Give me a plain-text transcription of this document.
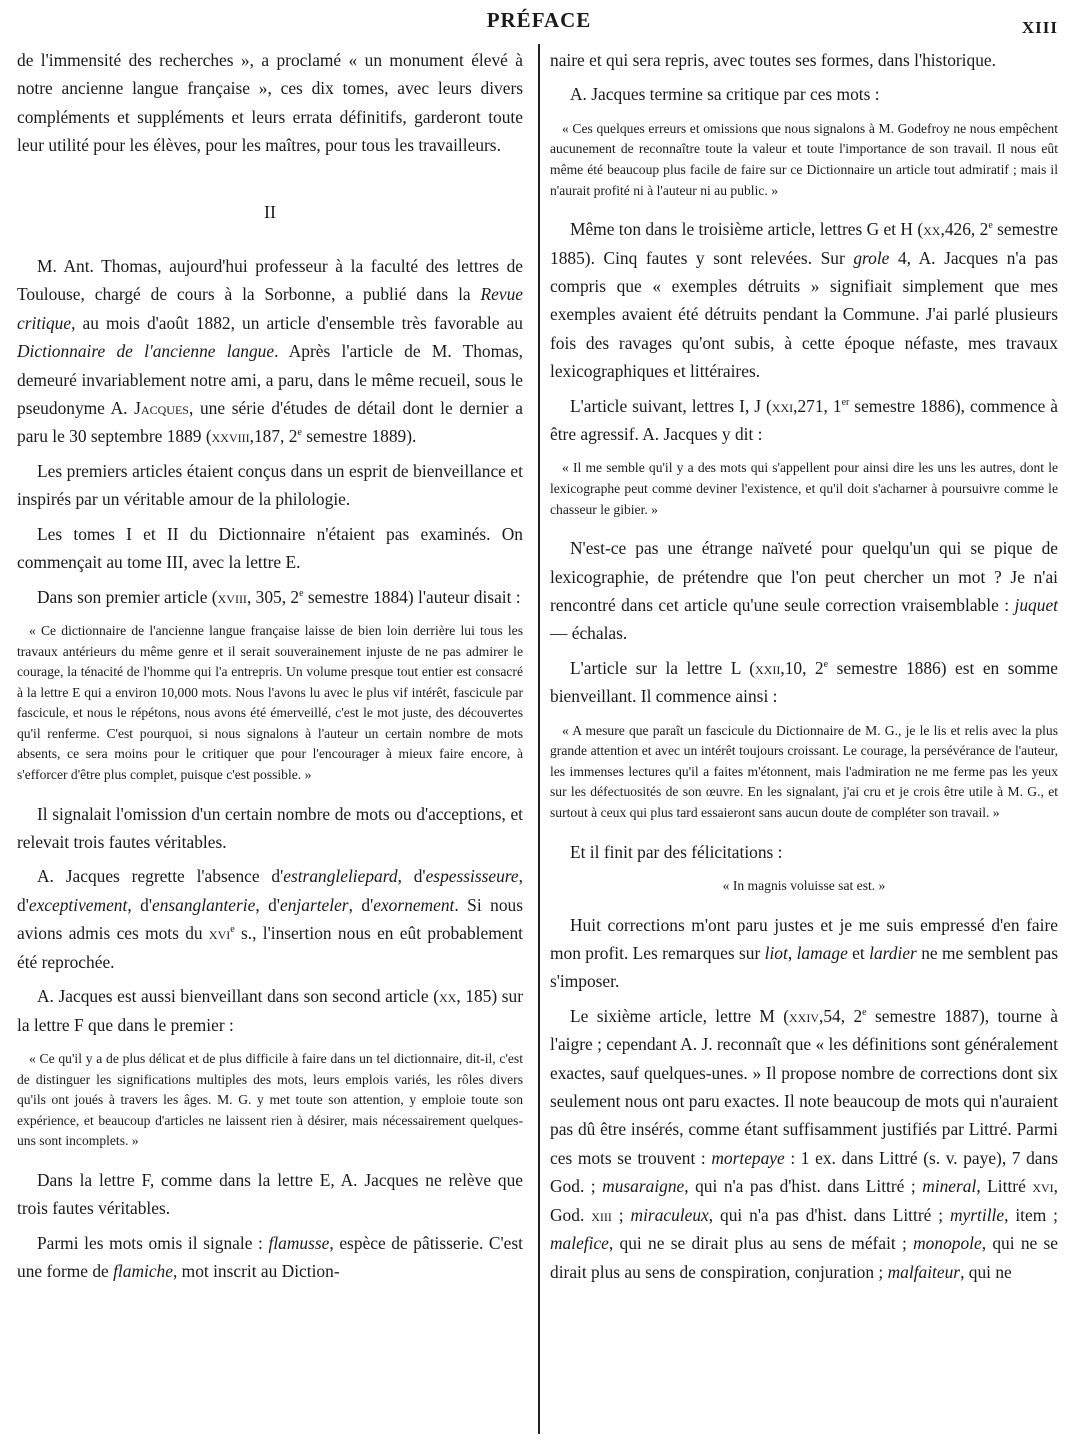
PRÉFACE	XIII

de l'immensité des recherches », a proclamé « un monument élevé à notre ancienne langue française », ces dix tomes, avec leurs divers compléments et suppléments et leurs errata définitifs, garderont toute leur utilité pour les élèves, pour les maîtres, pour tous les travailleurs.

II

M. Ant. Thomas, aujourd'hui professeur à la faculté des lettres de Toulouse, chargé de cours à la Sorbonne, a publié dans la Revue critique, au mois d'août 1882, un article d'ensemble très favorable au Dictionnaire de l'ancienne langue. Après l'article de M. Thomas, demeuré invariablement notre ami, a paru, dans le même recueil, sous le pseudonyme A. Jacques, une série d'études de détail dont le dernier a paru le 30 septembre 1889 (xxviii,187, 2e semestre 1889).

Les premiers articles étaient conçus dans un esprit de bienveillance et inspirés par un véritable amour de la philologie.

Les tomes I et II du Dictionnaire n'étaient pas examinés. On commençait au tome III, avec la lettre E.

Dans son premier article (xviii, 305, 2e semestre 1884) l'auteur disait :

« Ce dictionnaire de l'ancienne langue française laisse de bien loin derrière lui tous les travaux antérieurs du même genre et il serait souverainement injuste de ne pas admirer le courage, la ténacité de l'homme qui l'a entrepris. Un volume presque tout entier est consacré à la lettre E qui a environ 10,000 mots. Nous l'avons lu avec le plus vif intérêt, fascicule par fascicule, et nous le répétons, nous avons été émerveillé, c'est le mot juste, des découvertes qu'il renferme. C'est pourquoi, si nous signalons à l'auteur un certain nombre de mots absents, ce sera moins pour le critiquer que pour l'encourager à mieux faire encore, à s'efforcer d'être plus complet, puisque c'est possible. »

Il signalait l'omission d'un certain nombre de mots ou d'acceptions, et relevait trois fautes véritables.

A. Jacques regrette l'absence d'estrangleliepard, d'espessisseure, d'exceptivement, d'ensanglanterie, d'enjarteler, d'exornement. Si nous avions admis ces mots du xvi$^e$ s., l'insertion nous en eût probablement été reprochée.

A. Jacques est aussi bienveillant dans son second article (xx, 185) sur la lettre F que dans le premier :

« Ce qu'il y a de plus délicat et de plus difficile à faire dans un tel dictionnaire, dit-il, c'est de distinguer les significations multiples des mots, leurs emplois variés, les rôles divers qu'ils ont joués à travers les âges. M. G. y met toute son attention, y emploie toute son expérience, et beaucoup d'articles ne laissent rien à désirer, mais nécessairement quelques-uns sont incomplets. »

Dans la lettre F, comme dans la lettre E, A. Jacques ne relève que trois fautes véritables.

Parmi les mots omis il signale : flamusse, espèce de pâtisserie. C'est une forme de flamiche, mot inscrit au Diction-

naire et qui sera repris, avec toutes ses formes, dans l'historique.

A. Jacques termine sa critique par ces mots :

« Ces quelques erreurs et omissions que nous signalons à M. Godefroy ne nous empêchent aucunement de reconnaître toute la valeur et toute l'importance de son travail. Il nous eût même été beaucoup plus facile de faire sur ce Dictionnaire un article tout admiratif ; mais il n'aurait profité ni à l'auteur ni au public. »

Même ton dans le troisième article, lettres G et H (xx,426, 2e semestre 1885). Cinq fautes y sont relevées. Sur grole 4, A. Jacques n'a pas compris que « exemples détruits » signifiait simplement que mes exemples avaient été détruits pendant la Commune. J'ai parlé plusieurs fois des ravages qu'ont subis, à cette époque néfaste, mes travaux lexicographiques et littéraires.

L'article suivant, lettres I, J (xxi,271, 1er semestre 1886), commence à être agressif. A. Jacques y dit :

« Il me semble qu'il y a des mots qui s'appellent pour ainsi dire les uns les autres, dont le lexicographe peut comme deviner l'existence, et qu'il doit s'acharner à poursuivre comme le chasseur le gibier. »

N'est-ce pas une étrange naïveté pour quelqu'un qui se pique de lexicographie, de prétendre que l'on peut chercher un mot ? Je n'ai rencontré dans cet article qu'une seule correction vraisemblable : juquet — échalas.

L'article sur la lettre L (xxii,10, 2e semestre 1886) est en somme bienveillant. Il commence ainsi :

« A mesure que paraît un fascicule du Dictionnaire de M. G., je le lis et relis avec la plus grande attention et avec un intérêt toujours croissant. Le courage, la persévérance de l'auteur, les immenses lectures qu'il a faites m'étonnent, mais l'admiration ne me ferme pas les yeux sur les défectuosités de son œuvre. En les signalant, j'ai cru et je crois être utile à M. G., et surtout à ceux qui plus tard essaieront sans aucun doute de compléter son travail. »

Et il finit par des félicitations :

« In magnis voluisse sat est. »

Huit corrections m'ont paru justes et je me suis empressé d'en faire mon profit. Les remarques sur liot, lamage et lardier ne me semblent pas s'imposer.

Le sixième article, lettre M (xxiv,54, 2e semestre 1887), tourne à l'aigre ; cependant A. J. reconnaît que « les définitions sont généralement exactes, sauf quelques-unes. » Il propose nombre de corrections dont six seulement nous ont paru exactes. Il note beaucoup de mots qui n'auraient pas dû être insérés, comme étant suffisamment justifiés par Littré. Parmi ces mots se trouvent : mortepaye : 1 ex. dans Littré (s. v. paye), 7 dans God. ; musaraigne, qui n'a pas d'hist. dans Littré ; mineral, Littré xvi, God. xiii ; miraculeux, qui n'a pas d'hist. dans Littré ; myrtille, item ; malefice, qui ne se dirait plus au sens de méfait ; monopole, qui ne se dirait plus au sens de conspiration, conjuration ; malfaiteur, qui ne
